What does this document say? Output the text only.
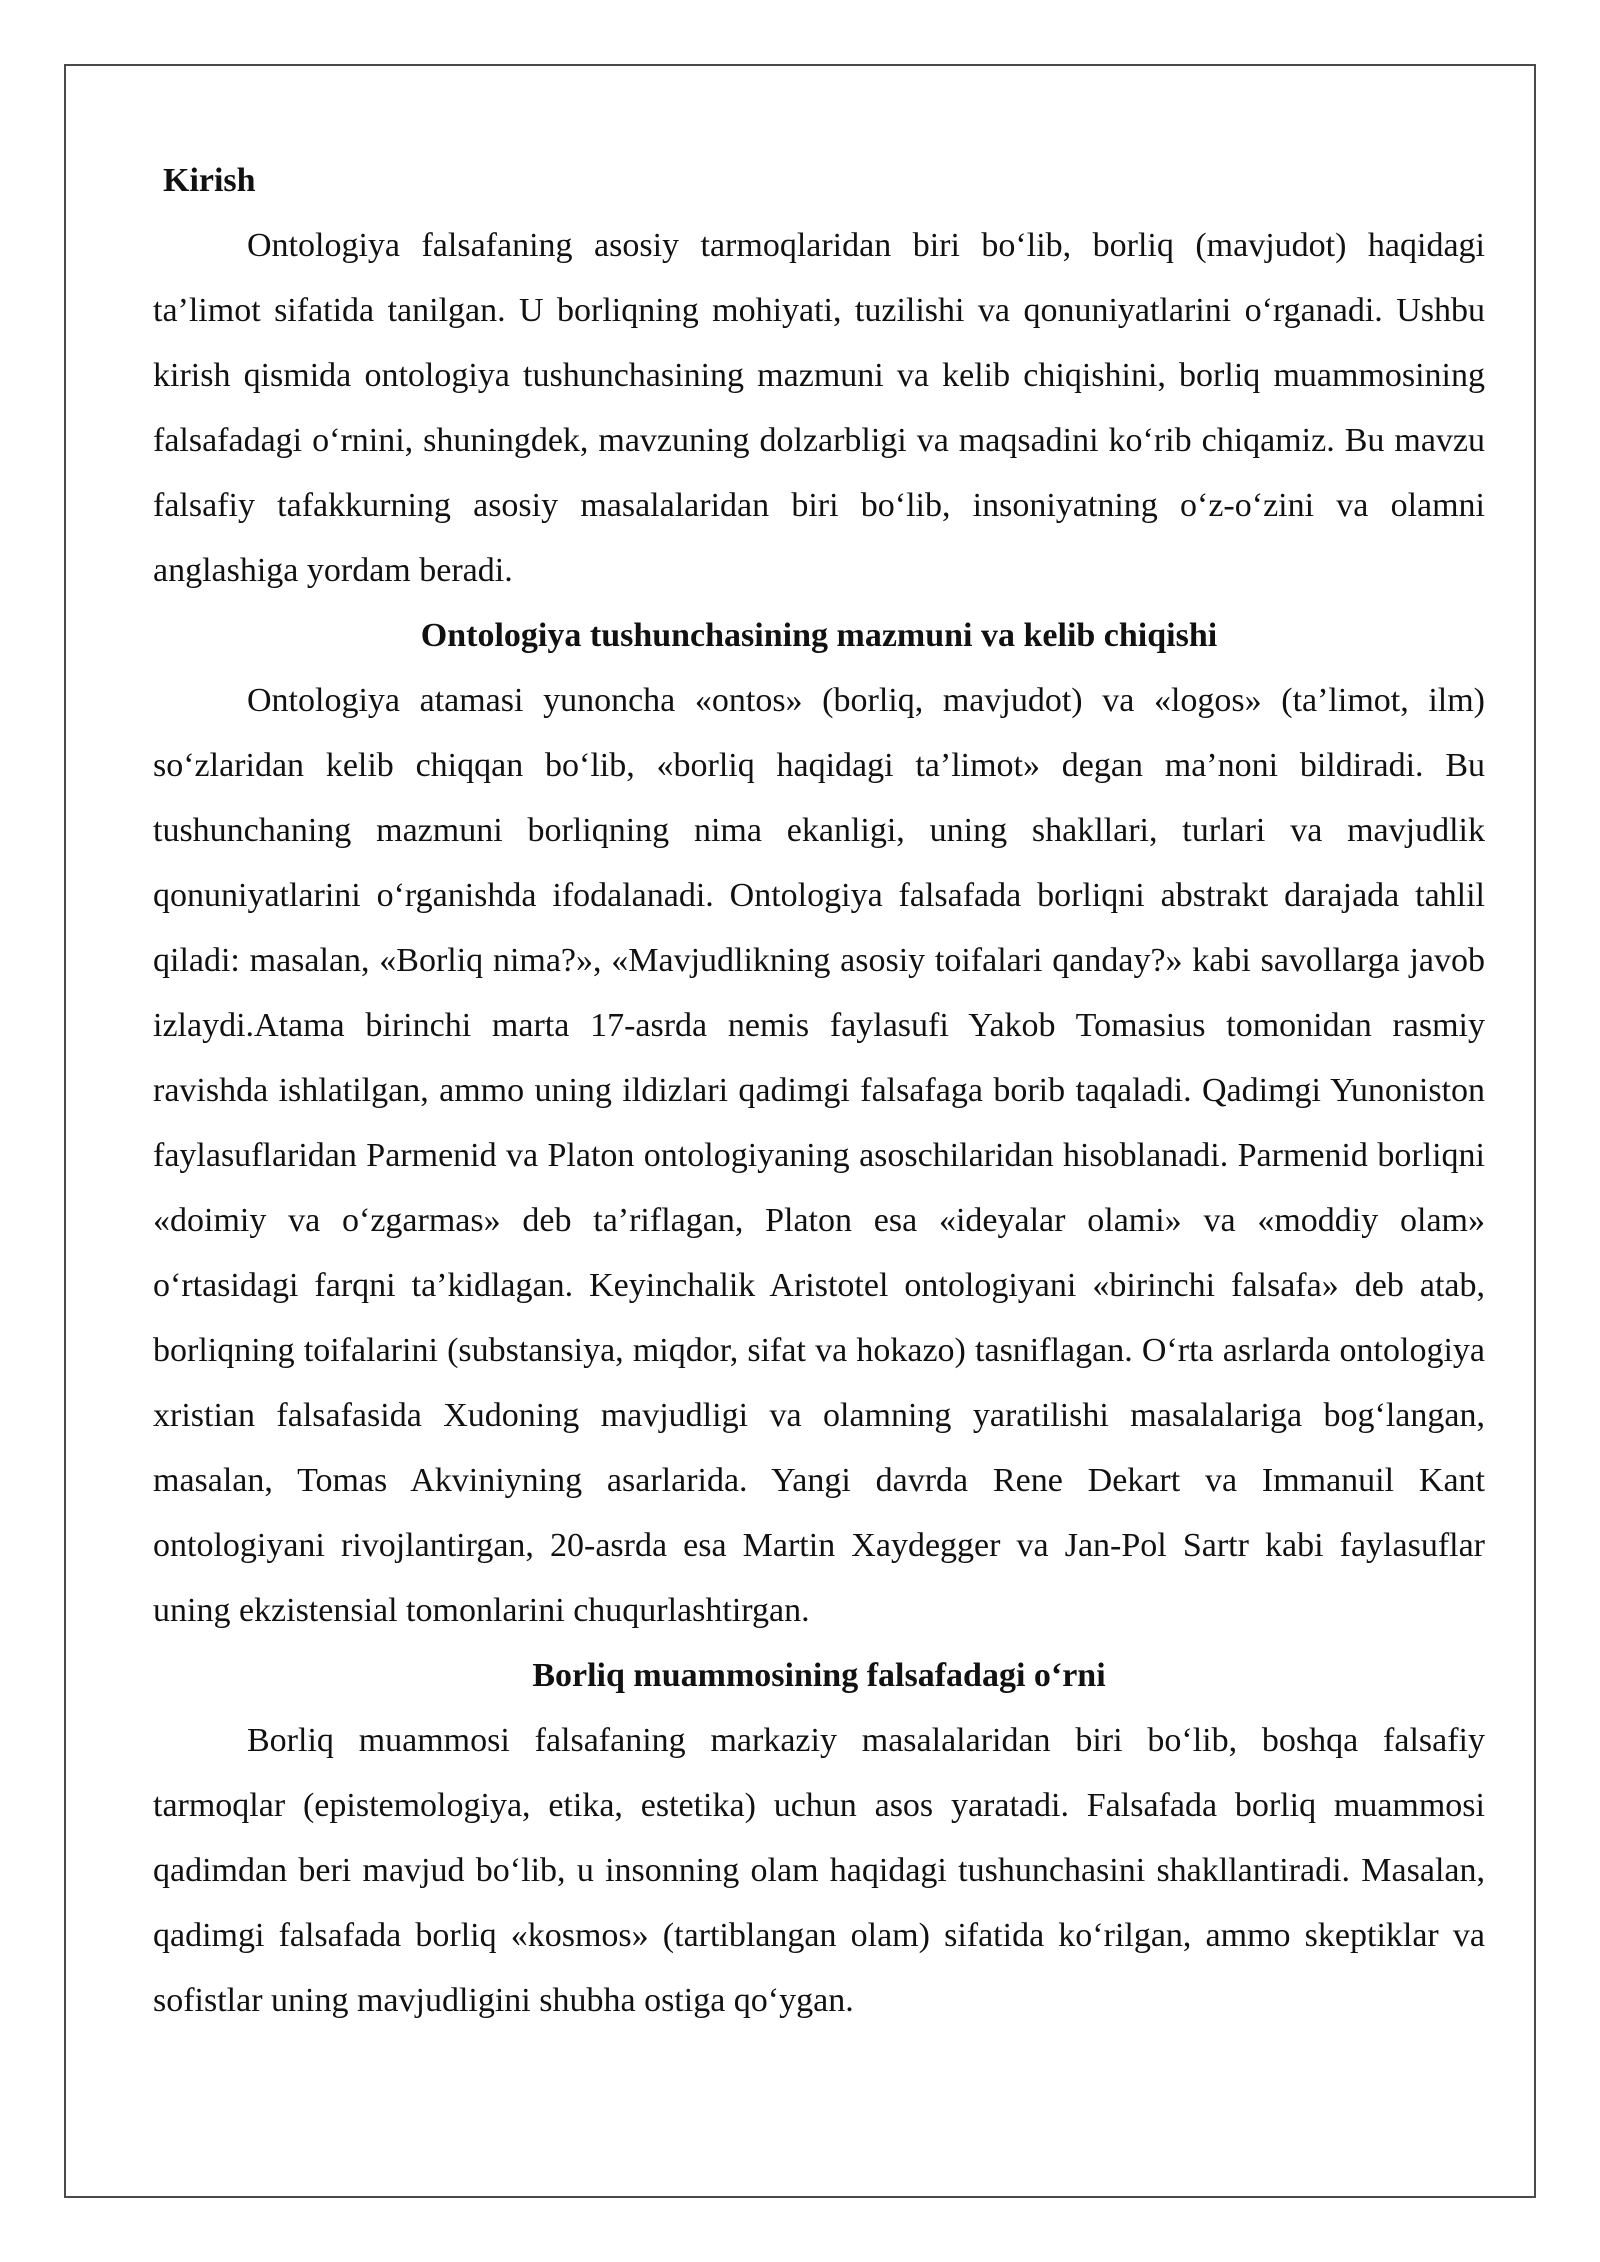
Kirish

Ontologiya falsafaning asosiy tarmoqlaridan biri bo‘lib, borliq (mavjudot) haqidagi ta’limot sifatida tanilgan. U borliqning mohiyati, tuzilishi va qonuniyatlarini o‘rganadi. Ushbu kirish qismida ontologiya tushunchasining mazmuni va kelib chiqishini, borliq muammosining falsafadagi o‘rnini, shuningdek, mavzuning dolzarbligi va maqsadini ko‘rib chiqamiz. Bu mavzu falsafiy tafakkurning asosiy masalalaridan biri bo‘lib, insoniyatning o‘z-o‘zini va olamni anglashiga yordam beradi.

Ontologiya tushunchasining mazmuni va kelib chiqishi

Ontologiya atamasi yunoncha «ontos» (borliq, mavjudot) va «logos» (ta’limot, ilm) so‘zlaridan kelib chiqqan bo‘lib, «borliq haqidagi ta’limot» degan ma’noni bildiradi. Bu tushunchaning mazmuni borliqning nima ekanligi, uning shakllari, turlari va mavjudlik qonuniyatlarini o‘rganishda ifodalanadi. Ontologiya falsafada borliqni abstrakt darajada tahlil qiladi: masalan, «Borliq nima?», «Mavjudlikning asosiy toifalari qanday?» kabi savollarga javob izlaydi.Atama birinchi marta 17-asrda nemis faylasufi Yakob Tomasius tomonidan rasmiy ravishda ishlatilgan, ammo uning ildizlari qadimgi falsafaga borib taqaladi. Qadimgi Yunoniston faylasuflaridan Parmenid va Platon ontologiyaning asoschilaridan hisoblanadi. Parmenid borliqni «doimiy va o‘zgarmas» deb ta’riflagan, Platon esa «ideyalar olami» va «moddiy olam» o‘rtasidagi farqni ta’kidlagan. Keyinchalik Aristotel ontologiyani «birinchi falsafa» deb atab, borliqning toifalarini (substansiya, miqdor, sifat va hokazo) tasniflagan. O‘rta asrlarda ontologiya xristian falsafasida Xudoning mavjudligi va olamning yaratilishi masalalariga bog‘langan, masalan, Tomas Akviniyning asarlarida. Yangi davrda Rene Dekart va Immanuil Kant ontologiyani rivojlantirgan, 20-asrda esa Martin Xaydegger va Jan-Pol Sartr kabi faylasuflar uning ekzistensial tomonlarini chuqurlashtirgan.

Borliq muammosining falsafadagi o‘rni

Borliq muammosi falsafaning markaziy masalalaridan biri bo‘lib, boshqa falsafiy tarmoqlar (epistemologiya, etika, estetika) uchun asos yaratadi. Falsafada borliq muammosi qadimdan beri mavjud bo‘lib, u insonning olam haqidagi tushunchasini shakllantiradi. Masalan, qadimgi falsafada borliq «kosmos» (tartiblangan olam) sifatida ko‘rilgan, ammo skeptiklar va sofistlar uning mavjudligini shubha ostiga qo‘ygan.
